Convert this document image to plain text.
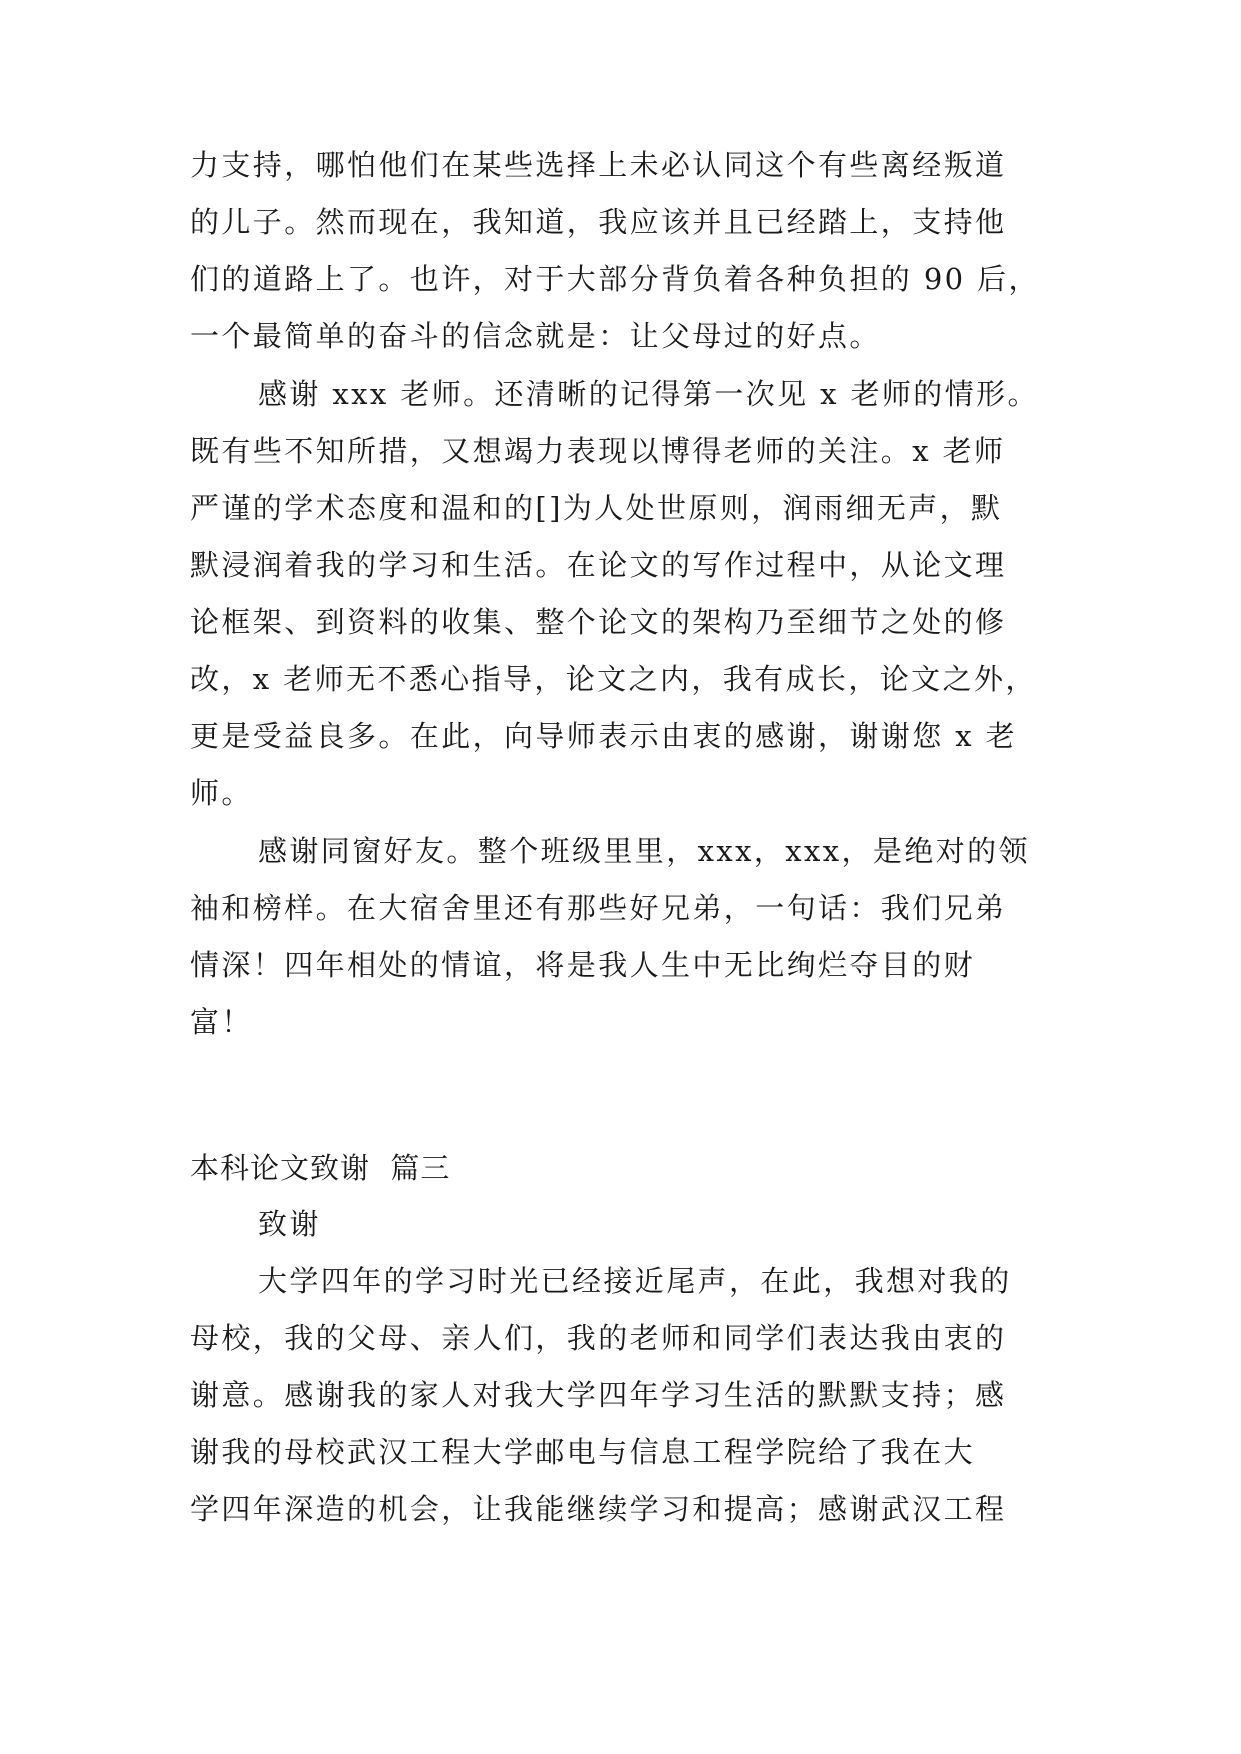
力支持，哪怕他们在某些选择上未必认同这个有些离经叛道
的儿子。然而现在，我知道，我应该并且已经踏上，支持他
们的道路上了。也许，对于大部分背负着各种负担的 90 后，
一个最简单的奋斗的信念就是：让父母过的好点。
感谢 xxx 老师。还清晰的记得第一次见 x 老师的情形。
既有些不知所措，又想竭力表现以博得老师的关注。x 老师
严谨的学术态度和温和的[]为人处世原则，润雨细无声，默
默浸润着我的学习和生活。在论文的写作过程中，从论文理
论框架、到资料的收集、整个论文的架构乃至细节之处的修
改，x 老师无不悉心指导，论文之内，我有成长，论文之外，
更是受益良多。在此，向导师表示由衷的感谢，谢谢您 x 老
师。
感谢同窗好友。整个班级里里，xxx，xxx，是绝对的领
袖和榜样。在大宿舍里还有那些好兄弟，一句话：我们兄弟
情深！四年相处的情谊，将是我人生中无比绚烂夺目的财
富！
本科论文致谢  篇三
致谢
大学四年的学习时光已经接近尾声，在此，我想对我的
母校，我的父母、亲人们，我的老师和同学们表达我由衷的
谢意。感谢我的家人对我大学四年学习生活的默默支持；感
谢我的母校武汉工程大学邮电与信息工程学院给了我在大
学四年深造的机会，让我能继续学习和提高；感谢武汉工程
